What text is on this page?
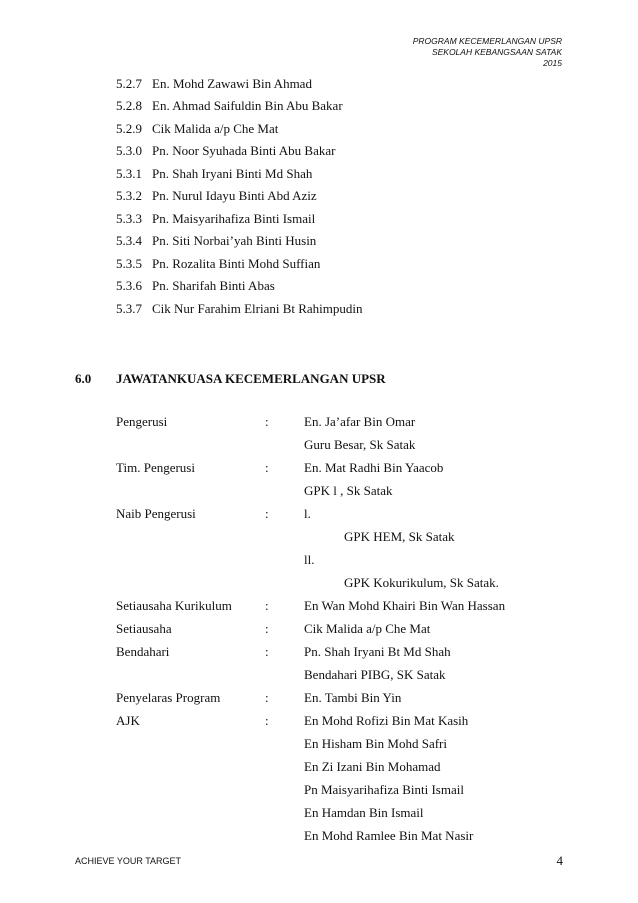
PROGRAM KECEMERLANGAN UPSR
SEKOLAH KEBANGSAAN SATAK
2015
5.2.7 En. Mohd Zawawi Bin Ahmad
5.2.8 En. Ahmad Saifuldin Bin Abu Bakar
5.2.9 Cik Malida a/p Che Mat
5.3.0 Pn. Noor Syuhada Binti Abu Bakar
5.3.1 Pn. Shah Iryani Binti Md Shah
5.3.2 Pn. Nurul Idayu Binti Abd Aziz
5.3.3 Pn. Maisyarihafiza Binti Ismail
5.3.4 Pn. Siti Norbai’yah Binti Husin
5.3.5 Pn. Rozalita Binti Mohd Suffian
5.3.6 Pn. Sharifah Binti Abas
5.3.7 Cik Nur Farahim Elriani Bt Rahimpudin
6.0 JAWATANKUASA KECEMERLANGAN UPSR
Pengerusi	:	En. Ja’afar Bin Omar
Guru Besar, Sk Satak
Tim. Pengerusi	:	En. Mat Radhi Bin Yaacob
GPK l , Sk Satak
Naib Pengerusi	:	l.
GPK HEM, Sk Satak
ll.
GPK Kokurikulum, Sk Satak.
Setiausaha Kurikulum	:	En Wan Mohd Khairi Bin Wan Hassan
Setiausaha	:	Cik Malida a/p Che Mat
Bendahari	:	Pn. Shah Iryani Bt Md Shah
Bendahari PIBG, SK Satak
Penyelaras Program	:	En. Tambi Bin Yin
AJK	:	En Mohd Rofizi Bin Mat Kasih
En Hisham Bin Mohd Safri
En Zi Izani Bin Mohamad
Pn Maisyarihafiza Binti Ismail
En Hamdan Bin Ismail
En Mohd Ramlee Bin Mat Nasir
ACHIEVE YOUR TARGET	4
